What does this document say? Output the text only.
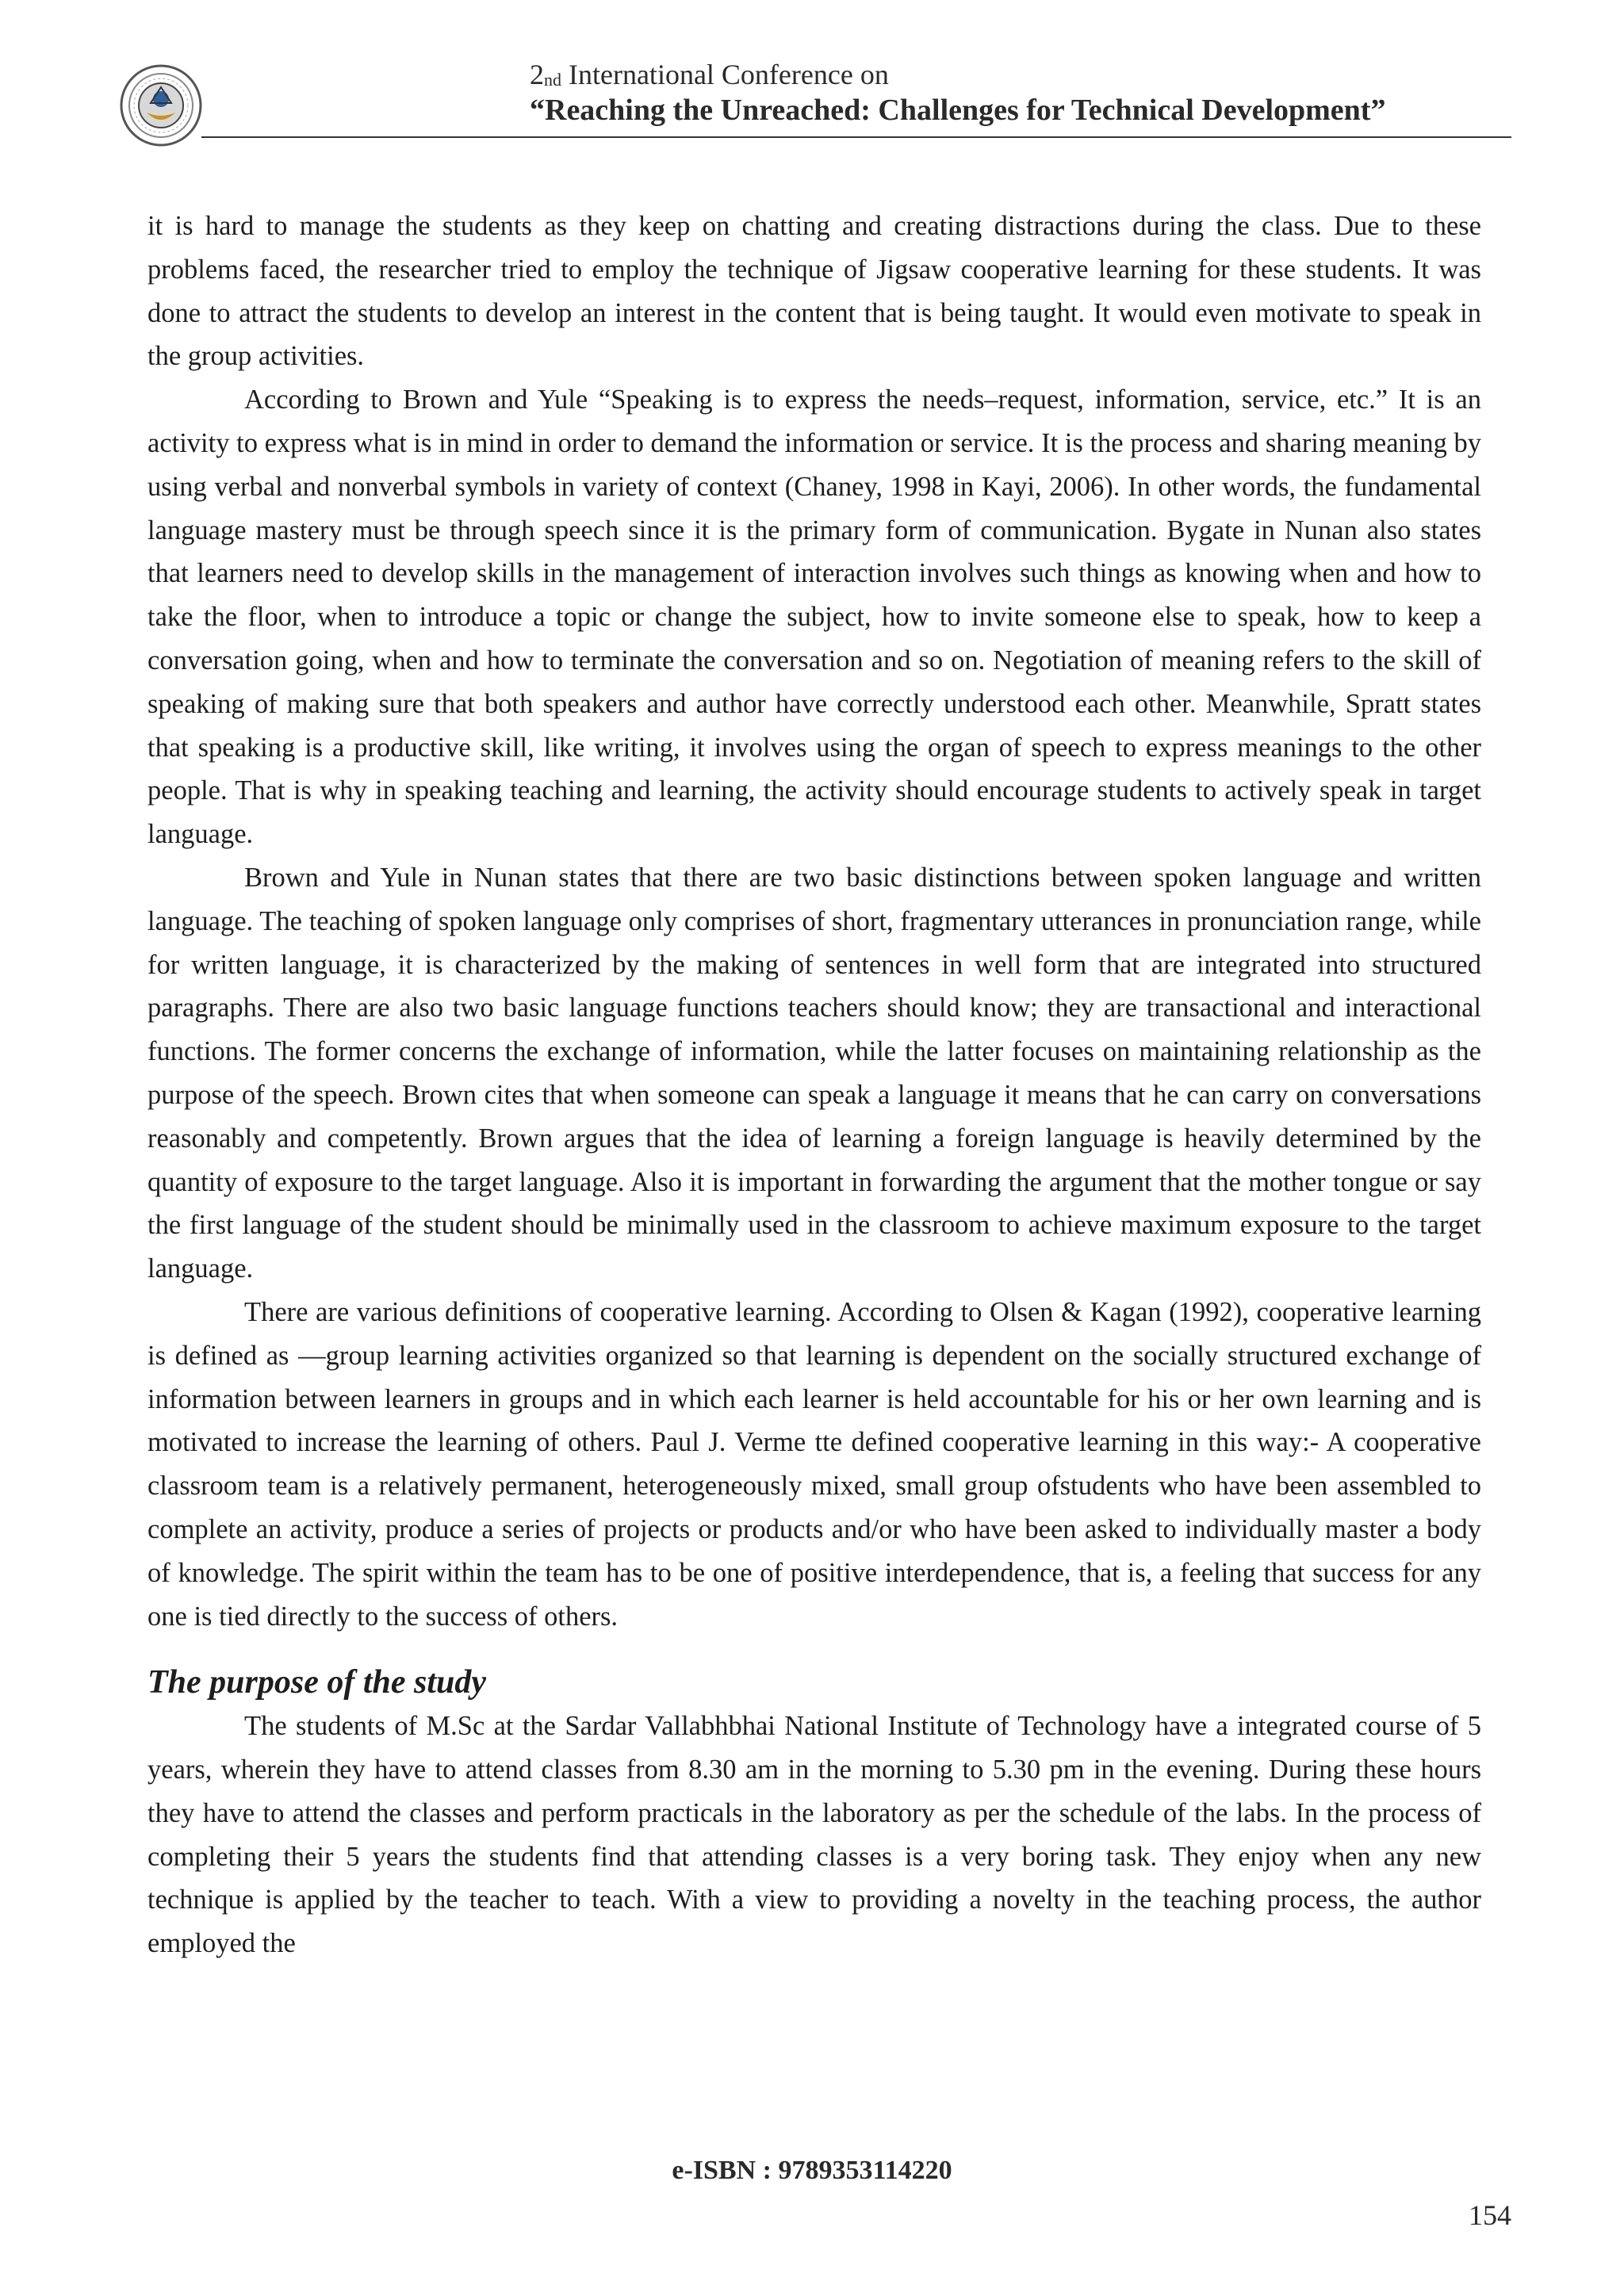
2nd International Conference on
“Reaching the Unreached: Challenges for Technical Development”

it is hard to manage the students as they keep on chatting and creating distractions during the class. Due to these problems faced, the researcher tried to employ the technique of Jigsaw cooperative learning for these students. It was done to attract the students to develop an interest in the content that is being taught. It would even motivate to speak in the group activities.

According to Brown and Yule “Speaking is to express the needs–request, information, service, etc.” It is an activity to express what is in mind in order to demand the information or service. It is the process and sharing meaning by using verbal and nonverbal symbols in variety of context (Chaney, 1998 in Kayi, 2006). In other words, the fundamental language mastery must be through speech since it is the primary form of communication. Bygate in Nunan also states that learners need to develop skills in the management of interaction involves such things as knowing when and how to take the floor, when to introduce a topic or change the subject, how to invite someone else to speak, how to keep a conversation going, when and how to terminate the conversation and so on. Negotiation of meaning refers to the skill of speaking of making sure that both speakers and author have correctly understood each other. Meanwhile, Spratt states that speaking is a productive skill, like writing, it involves using the organ of speech to express meanings to the other people. That is why in speaking teaching and learning, the activity should encourage students to actively speak in target language.

Brown and Yule in Nunan states that there are two basic distinctions between spoken language and written language. The teaching of spoken language only comprises of short, fragmentary utterances in pronunciation range, while for written language, it is characterized by the making of sentences in well form that are integrated into structured paragraphs. There are also two basic language functions teachers should know; they are transactional and interactional functions. The former concerns the exchange of information, while the latter focuses on maintaining relationship as the purpose of the speech. Brown cites that when someone can speak a language it means that he can carry on conversations reasonably and competently. Brown argues that the idea of learning a foreign language is heavily determined by the quantity of exposure to the target language. Also it is important in forwarding the argument that the mother tongue or say the first language of the student should be minimally used in the classroom to achieve maximum exposure to the target language.

There are various definitions of cooperative learning. According to Olsen & Kagan (1992), cooperative learning is defined as ―group learning activities organized so that learning is dependent on the socially structured exchange of information between learners in groups and in which each learner is held accountable for his or her own learning and is motivated to increase the learning of others. Paul J. Verme tte defined cooperative learning in this way:- A cooperative classroom team is a relatively permanent, heterogeneously mixed, small group ofstudents who have been assembled to complete an activity, produce a series of projects or products and/or who have been asked to individually master a body of knowledge. The spirit within the team has to be one of positive interdependence, that is, a feeling that success for any one is tied directly to the success of others.

The purpose of the study

The students of M.Sc at the Sardar Vallabhbhai National Institute of Technology have a integrated course of 5 years, wherein they have to attend classes from 8.30 am in the morning to 5.30 pm in the evening. During these hours they have to attend the classes and perform practicals in the laboratory as per the schedule of the labs. In the process of completing their 5 years the students find that attending classes is a very boring task. They enjoy when any new technique is applied by the teacher to teach. With a view to providing a novelty in the teaching process, the author employed the

e-ISBN : 9789353114220
154
